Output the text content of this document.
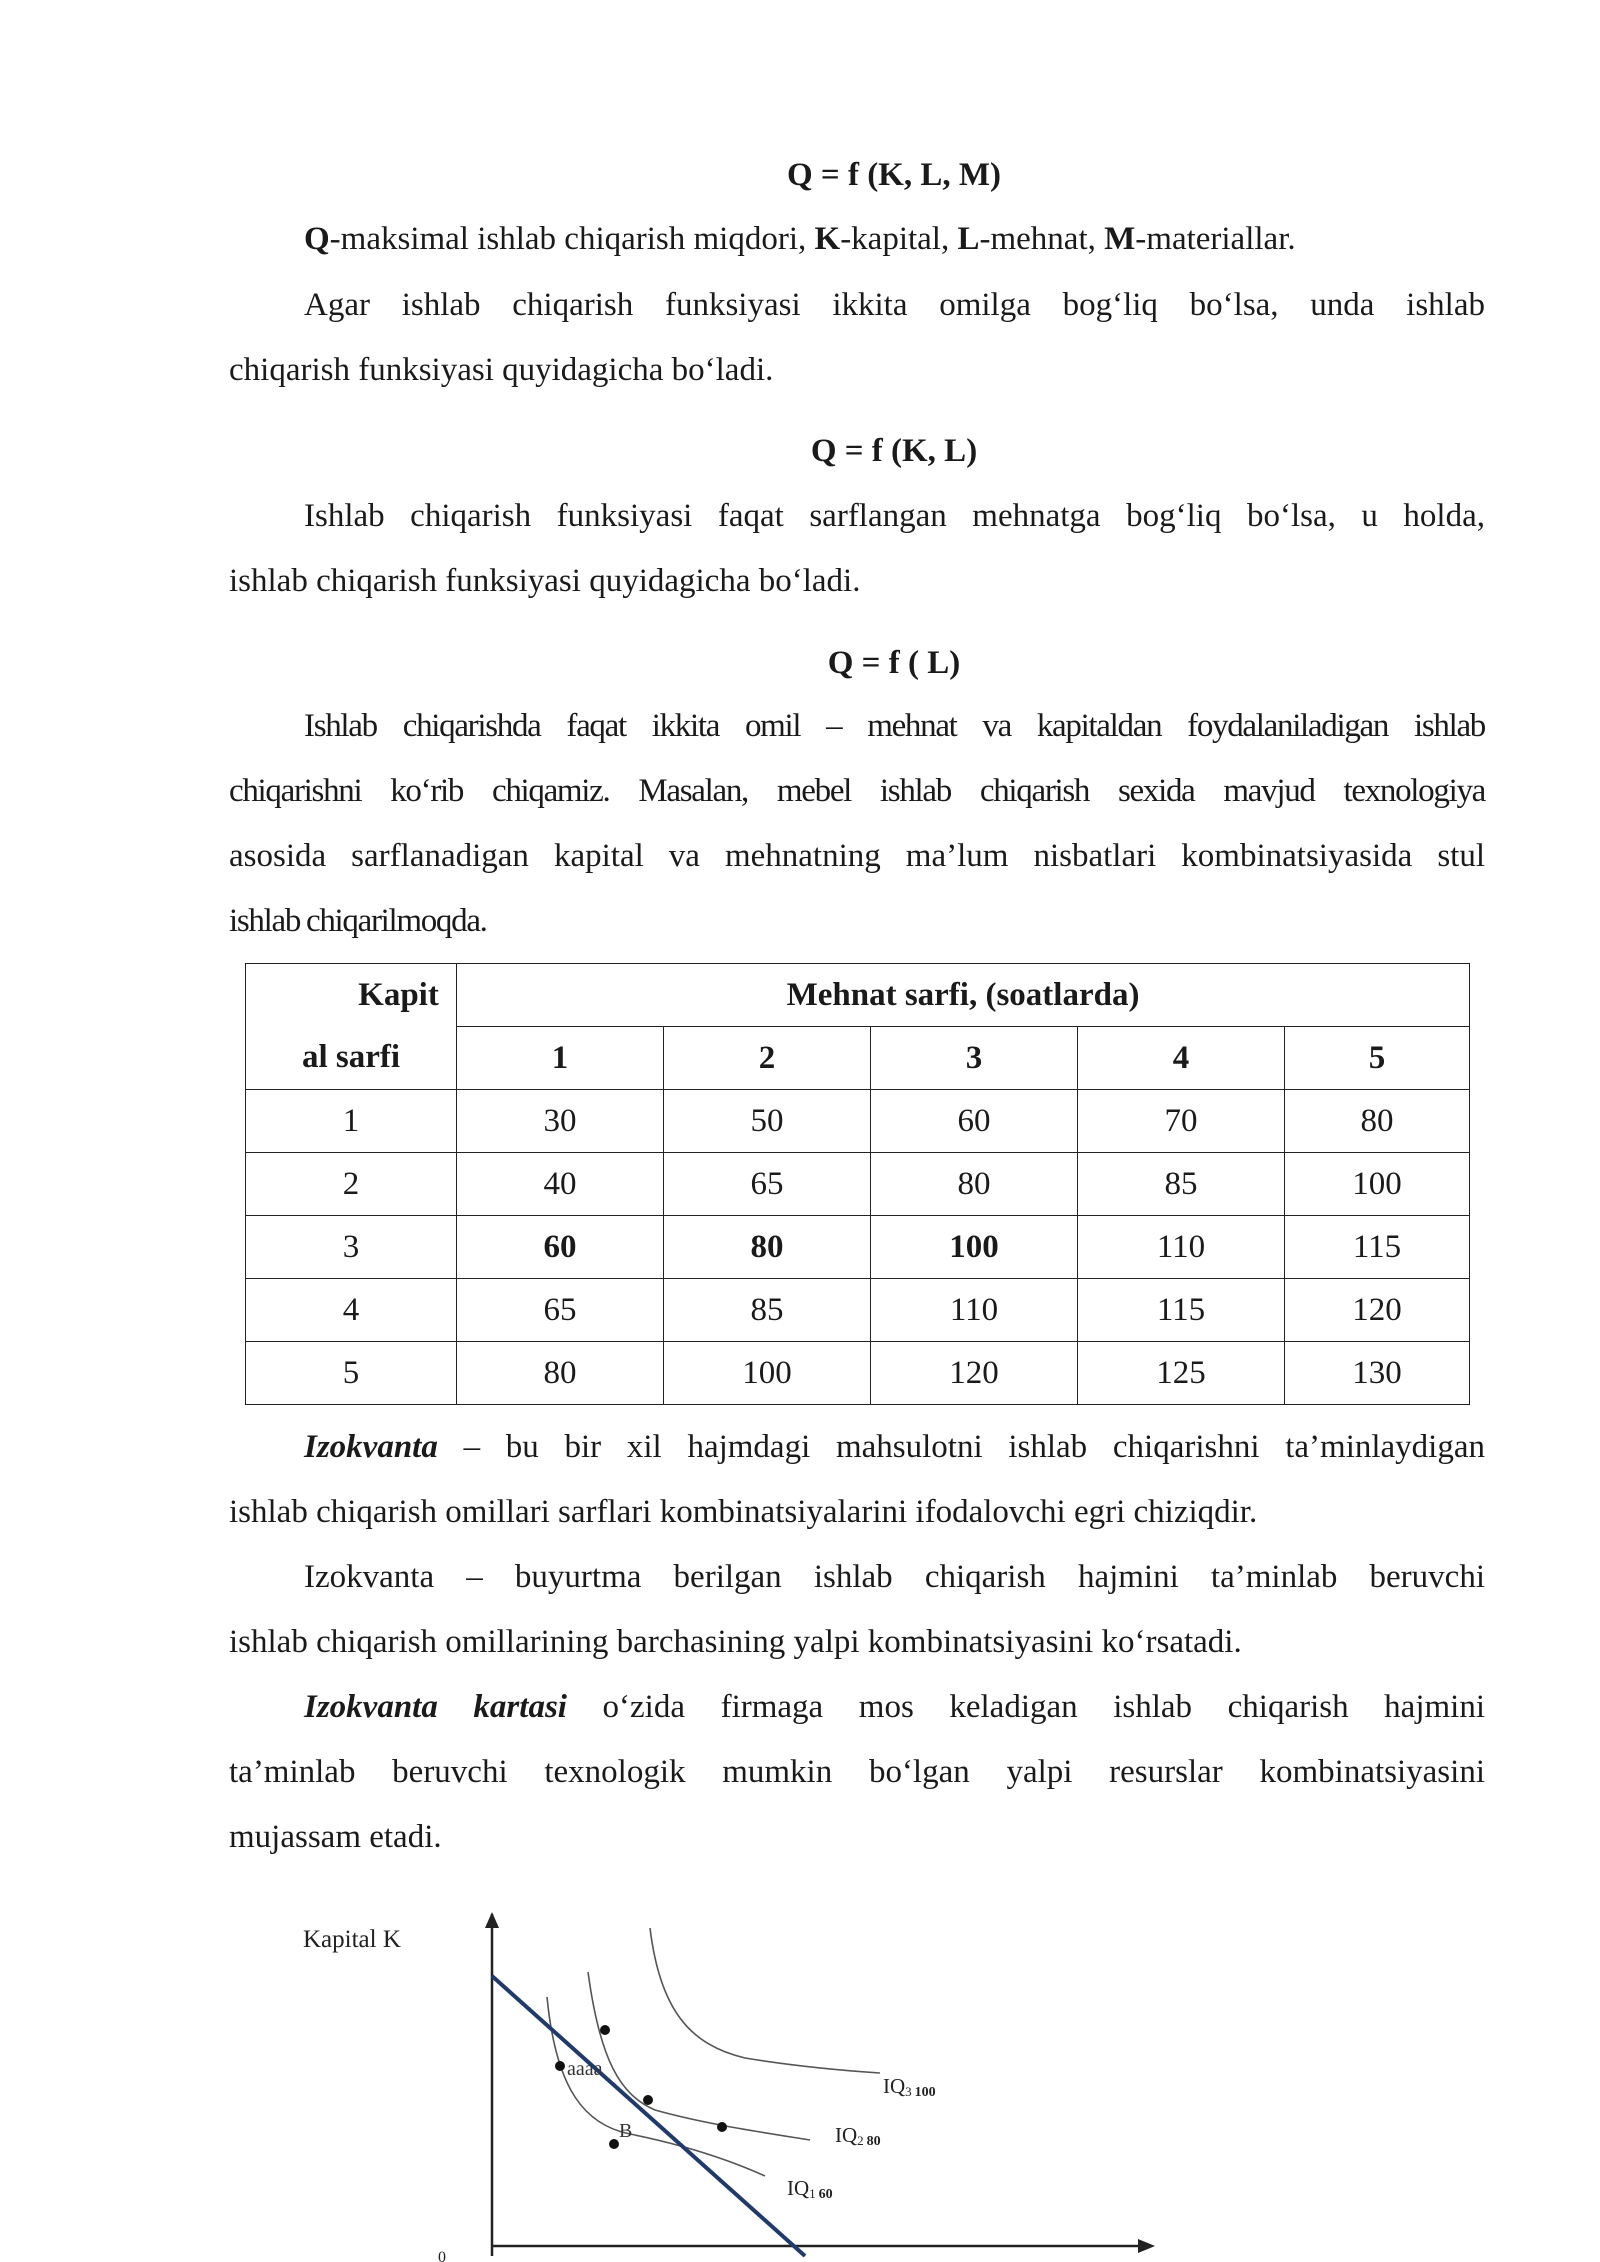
Q = f (K, L, M)
Q-maksimal ishlab chiqarish miqdori, K-kapital, L-mehnat, M-materiallar.
Agar ishlab chiqarish funksiyasi ikkita omilga bog‘liq bo‘lsa, unda ishlab
chiqarish funksiyasi quyidagicha bo‘ladi.
Q = f (K, L)
Ishlab chiqarish funksiyasi faqat sarflangan mehnatga bog‘liq bo‘lsa, u holda,
ishlab chiqarish funksiyasi quyidagicha bo‘ladi.
Q = f ( L)
Ishlab chiqarishda faqat ikkita omil – mehnat va kapitaldan foydalaniladigan ishlab
chiqarishni ko‘rib chiqamiz. Masalan, mebel ishlab chiqarish sexida mavjud texnologiya
asosida sarflanadigan kapital va mehnatning ma’lum nisbatlari kombinatsiyasida stul
ishlab chiqarilmoqda.
Kapit	Mehnat sarfi, (soatlarda)				
al sarfi	1	2	3	4	5
1	30	50	60	70	80
2	40	65	80	85	100
3	60	80	100	110	115
4	65	85	110	115	120
5	80	100	120	125	130
Izokvanta – bu bir xil hajmdagi mahsulotni ishlab chiqarishni ta’minlaydigan
ishlab chiqarish omillari sarflari kombinatsiyalarini ifodalovchi egri chiziqdir.
Izokvanta – buyurtma berilgan ishlab chiqarish hajmini ta’minlab beruvchi
ishlab chiqarish omillarining barchasining yalpi kombinatsiyasini ko‘rsatadi.
Izokvanta kartasi o‘zida firmaga mos keladigan ishlab chiqarish hajmini
ta’minlab beruvchi texnologik mumkin bo‘lgan yalpi resurslar kombinatsiyasini
mujassam etadi.
Kapital K
0
aaaa
B
IQ3 100
IQ2 80
IQ1 60
